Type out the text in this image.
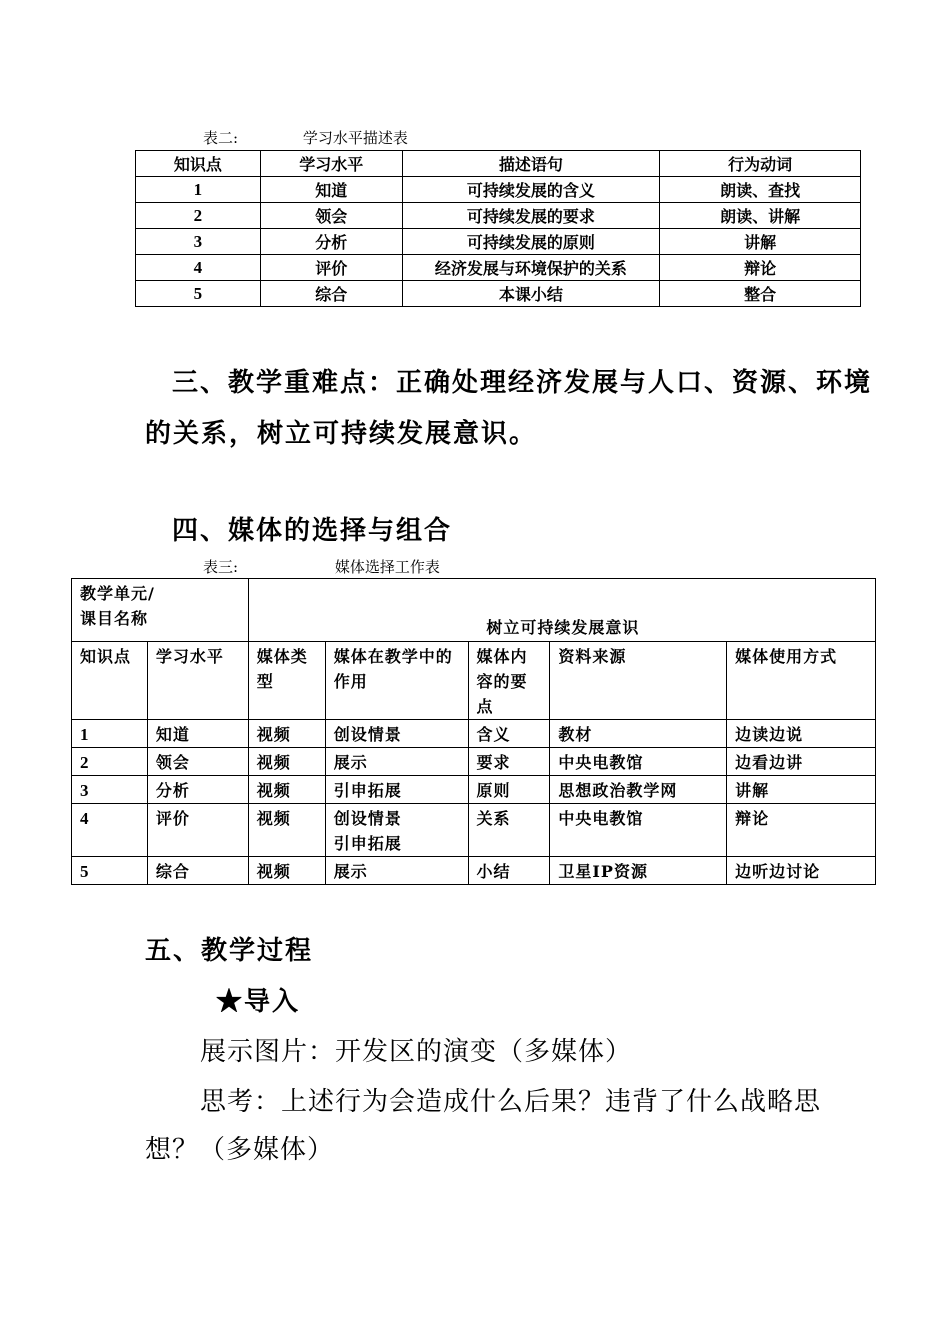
表二:	学习水平描述表
知识点	学习水平	描述语句	行为动词
1	知道	可持续发展的含义	朗读、查找
2	领会	可持续发展的要求	朗读、讲解
3	分析	可持续发展的原则	讲解
4	评价	经济发展与环境保护的关系	辩论
5	综合	本课小结	整合
三、教学重难点：正确处理经济发展与人口、资源、环境
的关系，树立可持续发展意识。
四、媒体的选择与组合
表三:	媒体选择工作表
教学单元/
课目名称		树立可持续发展意识				
知识点	学习水平	媒体类型	媒体在教学中的作用	媒体内容的要点	资料来源	媒体使用方式
1	知道	视频	创设情景	含义	教材	边读边说
2	领会	视频	展示	要求	中央电教馆	边看边讲
3	分析	视频	引申拓展	原则	思想政治教学网	讲解
4	评价	视频	创设情景 引申拓展	关系	中央电教馆	辩论
5	综合	视频	展示	小结	卫星IP资源	边听边讨论
五、教学过程
★导入
展示图片：开发区的演变（多媒体）
思考：上述行为会造成什么后果？违背了什么战略思
想？（多媒体）
